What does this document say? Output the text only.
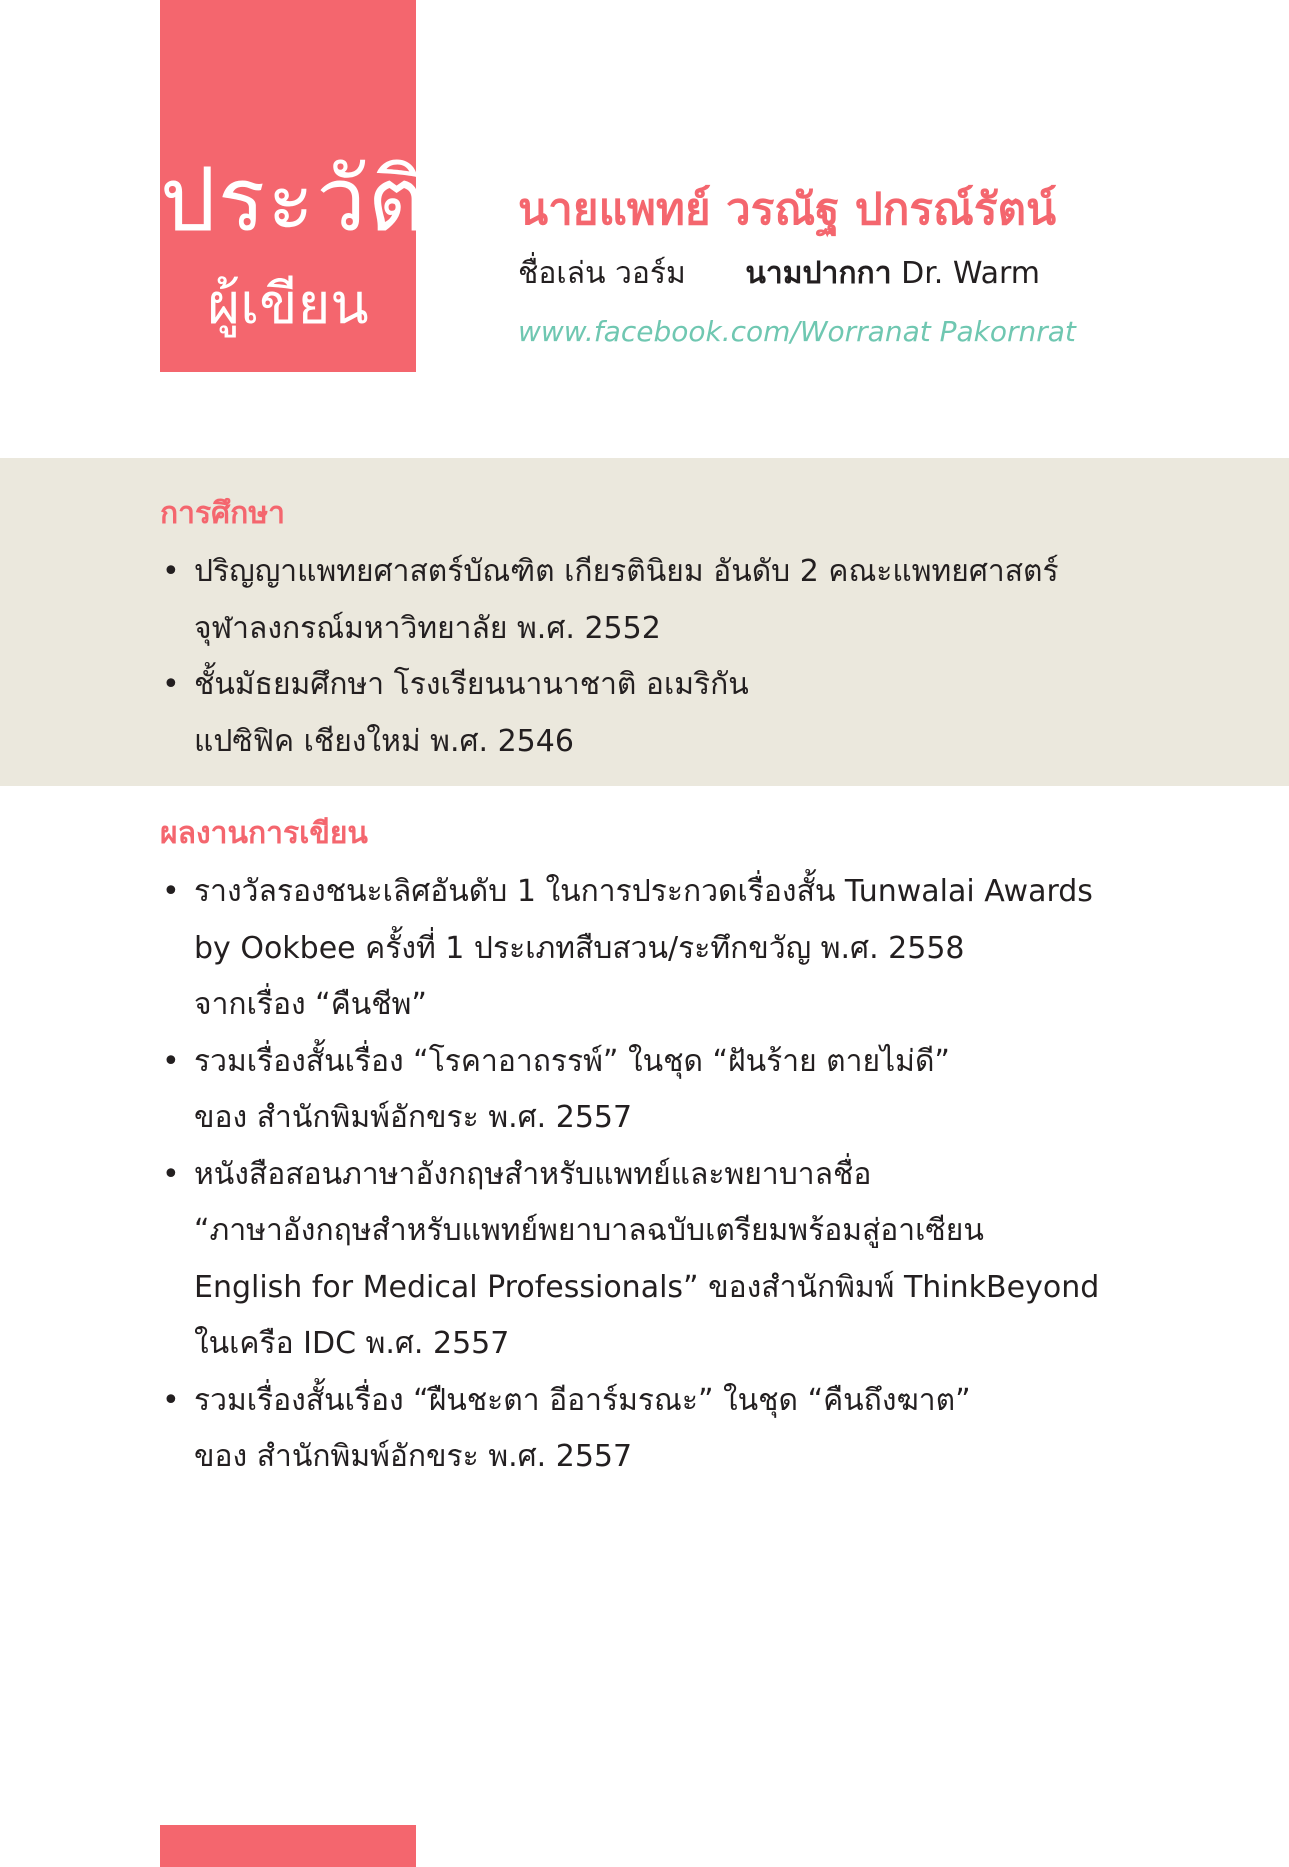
ประวัติ
ผู้เขียน
นายแพทย์ วรณัฐ ปกรณ์รัตน์
ชื่อเล่น วอร์ม นามปากกา Dr. Warm
www.facebook.com/Worranat Pakornrat
การศึกษา
• ปริญญาแพทยศาสตร์บัณฑิต เกียรตินิยม อันดับ 2 คณะแพทยศาสตร์
จุฬาลงกรณ์มหาวิทยาลัย พ.ศ. 2552
• ชั้นมัธยมศึกษา โรงเรียนนานาชาติ อเมริกัน
แปซิฟิค เชียงใหม่ พ.ศ. 2546
ผลงานการเขียน
• รางวัลรองชนะเลิศอันดับ 1 ในการประกวดเรื่องสั้น Tunwalai Awards
by Ookbee ครั้งที่ 1 ประเภทสืบสวน/ระทึกขวัญ พ.ศ. 2558
จากเรื่อง “คืนชีพ”
• รวมเรื่องสั้นเรื่อง “โรคาอาถรรพ์” ในชุด “ฝันร้าย ตายไม่ดี”
ของ สำนักพิมพ์อักขระ พ.ศ. 2557
• หนังสือสอนภาษาอังกฤษสำหรับแพทย์และพยาบาลชื่อ
“ภาษาอังกฤษสำหรับแพทย์พยาบาลฉบับเตรียมพร้อมสู่อาเซียน
English for Medical Professionals” ของสำนักพิมพ์ ThinkBeyond
ในเครือ IDC พ.ศ. 2557
• รวมเรื่องสั้นเรื่อง “ฝืนชะตา อีอาร์มรณะ” ในชุด “คืนถึงฆาต”
ของ สำนักพิมพ์อักขระ พ.ศ. 2557
